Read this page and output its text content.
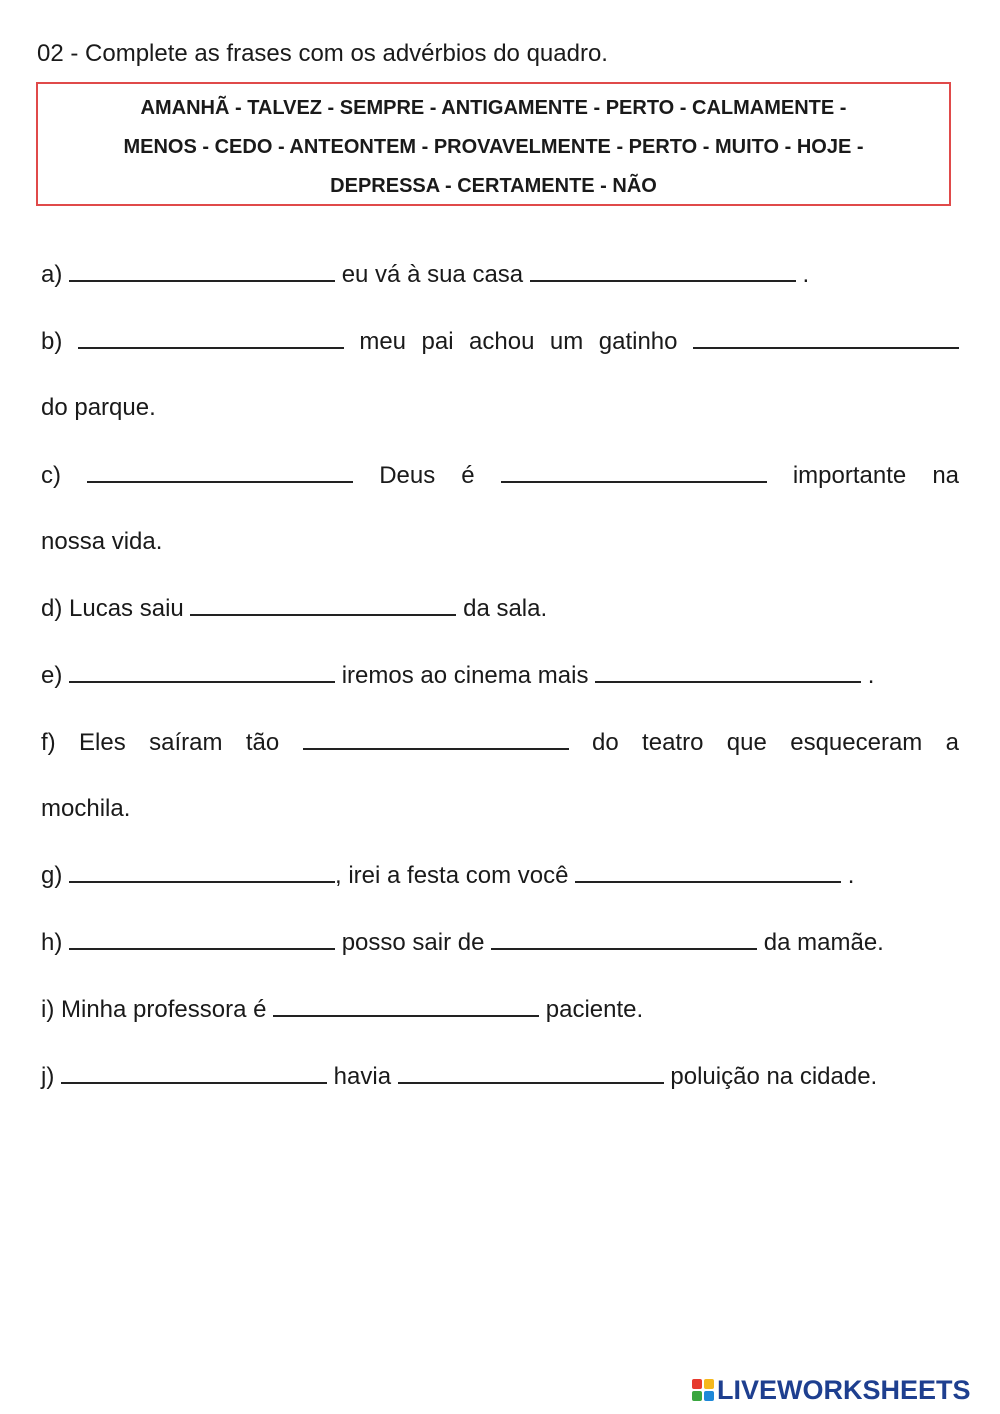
02 - Complete as frases com os advérbios do quadro.
AMANHÃ - TALVEZ - SEMPRE - ANTIGAMENTE - PERTO - CALMAMENTE -
MENOS - CEDO - ANTEONTEM - PROVAVELMENTE - PERTO - MUITO - HOJE -
DEPRESSA - CERTAMENTE - NÃO
a)	eu vá à sua casa	.
b)	meu pai achou um gatinho
do parque.
c)	Deus é	importante na
nossa vida.
d) Lucas saiu	da sala.
e)	iremos ao cinema mais	.
f) Eles saíram tão	do teatro que esqueceram a
mochila.
g)	, irei a festa com você	.
h)	posso sair de	da mamãe.
i) Minha professora é	paciente.
j)	havia	poluição na cidade.
LIVEWORKSHEETS
